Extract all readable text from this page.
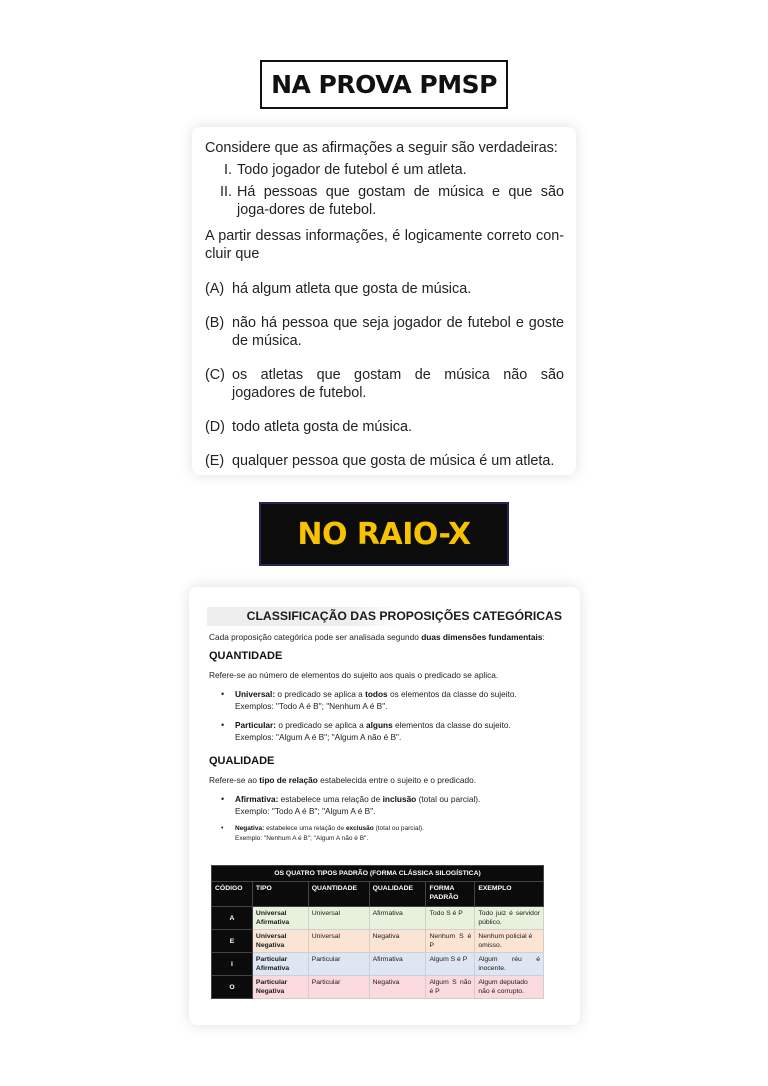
NA PROVA PMSP

Considere que as afirmações a seguir são verdadeiras:

I. Todo jogador de futebol é um atleta.
II. Há pessoas que gostam de música e que são joga-dores de futebol.

A partir dessas informações, é logicamente correto con-cluir que

(A) há algum atleta que gosta de música.
(B) não há pessoa que seja jogador de futebol e goste de música.
(C) os atletas que gostam de música não são jogadores de futebol.
(D) todo atleta gosta de música.
(E) qualquer pessoa que gosta de música é um atleta.
NO RAIO-X
CLASSIFICAÇÃO DAS PROPOSIÇÕES CATEGÓRICAS

Cada proposição categórica pode ser analisada segundo duas dimensões fundamentais:

QUANTIDADE

Refere-se ao número de elementos do sujeito aos quais o predicado se aplica.

•	Universal: o predicado se aplica a todos os elementos da classe do sujeito.
Exemplos: "Todo A é B"; "Nenhum A é B".
•	Particular: o predicado se aplica a alguns elementos da classe do sujeito.
Exemplos: "Algum A é B"; "Algum A não é B".
QUALIDADE

Refere-se ao tipo de relação estabelecida entre o sujeito e o predicado.

•	Afirmativa: estabelece uma relação de inclusão (total ou parcial).
Exemplo: "Todo A é B"; "Algum A é B".
•	Negativa: estabelece uma relação de exclusão (total ou parcial).
Exemplo: "Nenhum A é B"; "Algum A não é B".
OS QUATRO TIPOS PADRÃO (FORMA CLÁSSICA SILOGÍSTICA)					
CÓDIGO	TIPO	QUANTIDADE	QUALIDADE	FORMA PADRÃO	EXEMPLO
A	Universal Afirmativa	Universal	Afirmativa	Todo S é P	Todo juiz é servidor público.
E	Universal Negativa	Universal	Negativa	Nenhum S é P	Nenhum policial é omisso.
I	Particular Afirmativa	Particular	Afirmativa	Algum S é P	Algum réu é inocente.
O	Particular Negativa	Particular	Negativa	Algum S não é P	Algum deputado não é corrupto.
